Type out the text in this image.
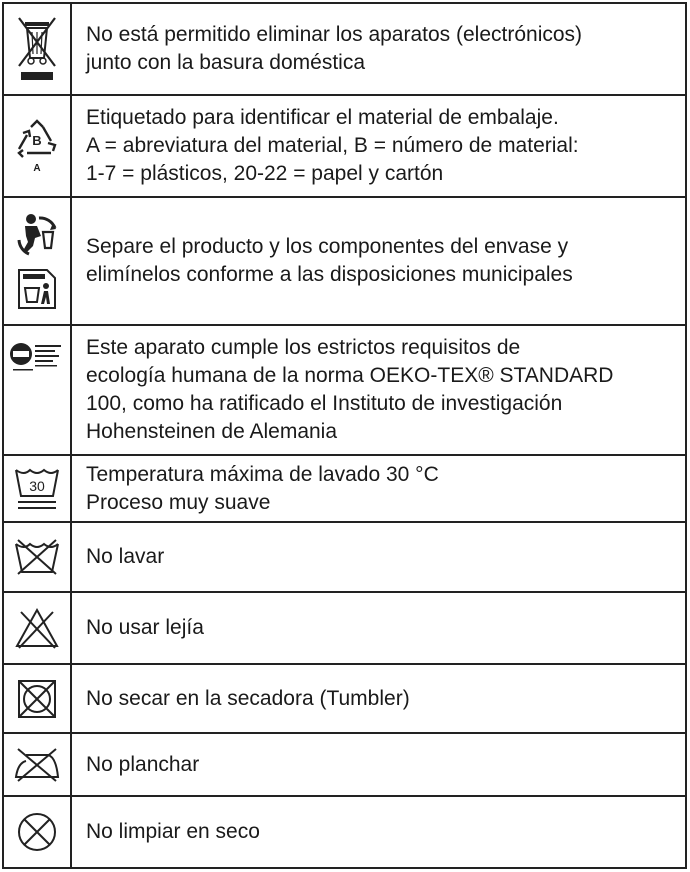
No está permitido eliminar los aparatos (electrónicos)
junto con la basura doméstica
B
A
Etiquetado para identificar el material de embalaje.
A = abreviatura del material, B = número de material:
1-7 = plásticos, 20-22 = papel y cartón
Separe el producto y los componentes del envase y
elimínelos conforme a las disposiciones municipales
Este aparato cumple los estrictos requisitos de
ecología humana de la norma OEKO-TEX® STANDARD
100, como ha ratificado el Instituto de investigación
Hohensteinen de Alemania
30 Temperatura máxima de lavado 30 °C
Proceso muy suave
No lavar
No usar lejía
No secar en la secadora (Tumbler)
No planchar
No limpiar en seco
